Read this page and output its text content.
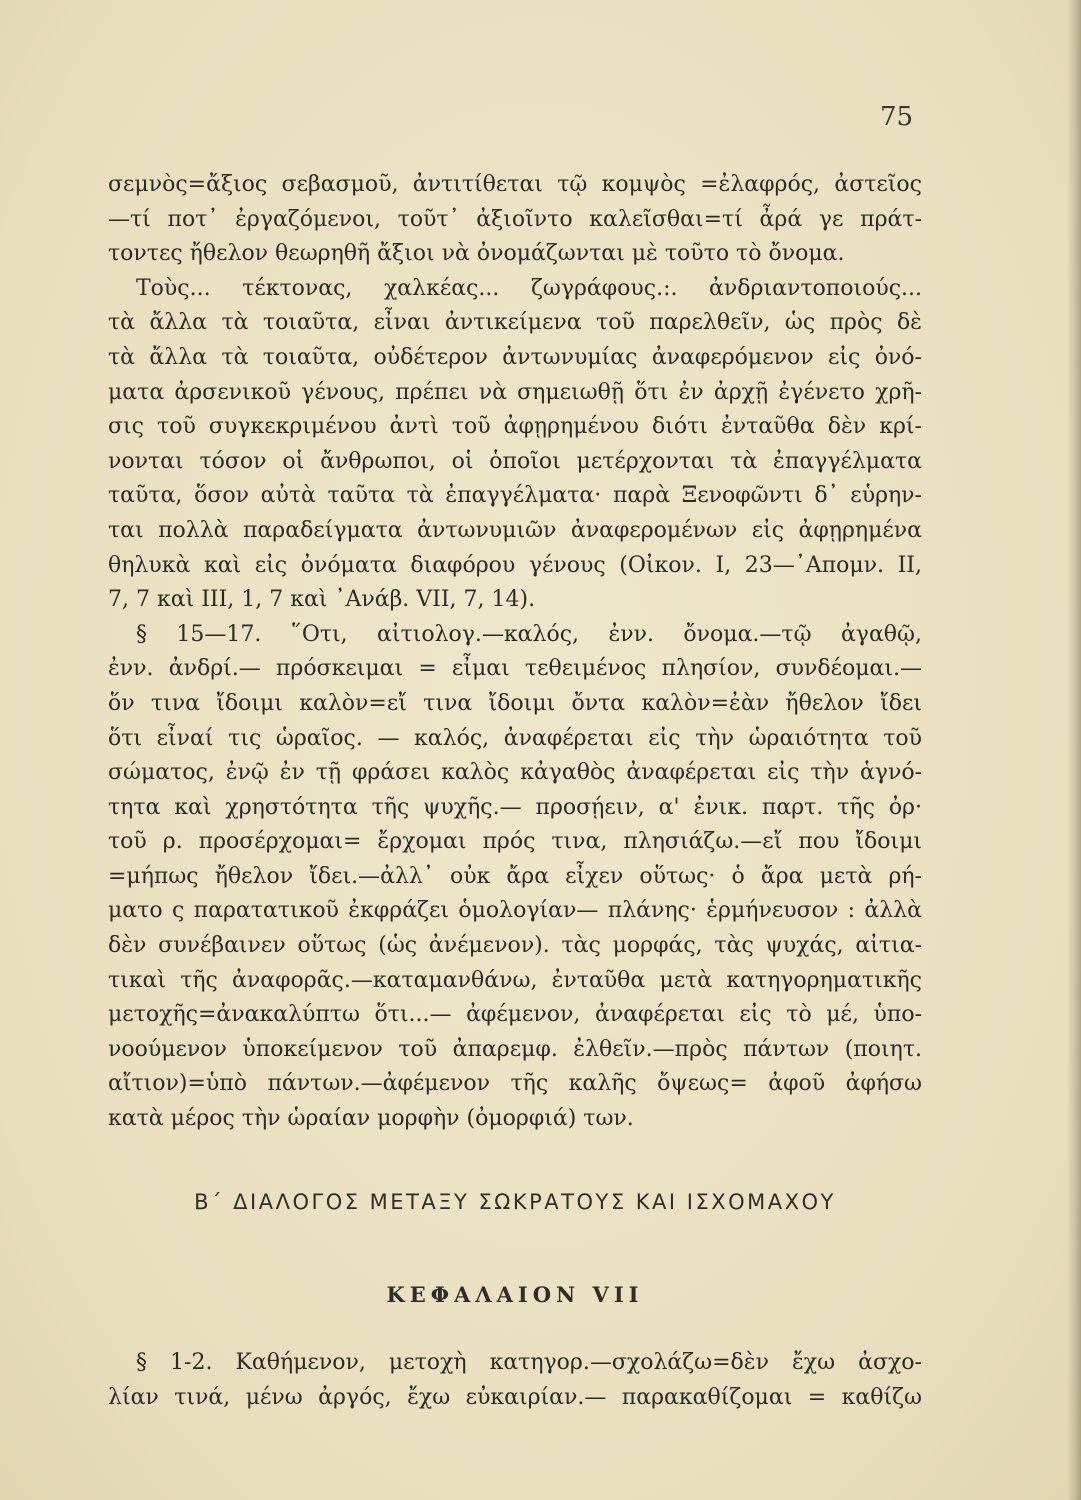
75
σεμνὸς=ἄξιος σεβασμοῦ, ἀντιτίθεται τῷ κομψὸς =ἐλαφρός, ἀστεῖος
—τί ποτ᾽ ἐργαζόμενοι, τοῦτ᾽ ἀξιοῖντο καλεῖσθαι=τί ἆρά γε πράτ-
τοντες ἤθελον θεωρηθῆ ἄξιοι νὰ ὀνομάζωνται μὲ τοῦτο τὸ ὄνομα.
Τοὺς... τέκτονας, χαλκέας... ζωγράφους.:. ἀνδριαντοποιούς...
τὰ ἄλλα τὰ τοιαῦτα, εἶναι ἀντικείμενα τοῦ παρελθεῖν, ὡς πρὸς δὲ
τὰ ἄλλα τὰ τοιαῦτα, οὐδέτερον ἀντωνυμίας ἀναφερόμενον εἰς ὀνό-
ματα ἀρσενικοῦ γένους, πρέπει νὰ σημειωθῇ ὅτι ἐν ἀρχῇ ἐγένετο χρῆ-
σις τοῦ συγκεκριμένου ἀντὶ τοῦ ἀφῃρημένου διότι ἐνταῦθα δὲν κρί-
νονται τόσον οἱ ἄνθρωποι, οἱ ὁποῖοι μετέρχονται τὰ ἐπαγγέλματα
ταῦτα, ὅσον αὐτὰ ταῦτα τὰ ἐπαγγέλματα· παρὰ Ξενοφῶντι δ᾽ εὑρην-
ται πολλὰ παραδείγματα ἀντωνυμιῶν ἀναφερομένων εἰς ἀφῃρημένα
θηλυκὰ καὶ εἰς ὀνόματα διαφόρου γένους (Οἰκον. I, 23—᾽Απομν. II,
7, 7 καὶ III, 1, 7 καὶ ᾽Ανάβ. VII, 7, 14).
§ 15—17. ῞Οτι, αἰτιολογ.—καλός, ἐνν. ὄνομα.—τῷ ἀγαθῷ,
ἐνν. ἀνδρί.— πρόσκειμαι = εἶμαι τεθειμένος πλησίον, συνδέομαι.—
ὅν τινα ἴδοιμι καλὸν=εἴ τινα ἴδοιμι ὄντα καλὸν=ἐὰν ἤθελον ἴδει
ὅτι εἶναί τις ὡραῖος. — καλός, ἀναφέρεται εἰς τὴν ὡραιότητα τοῦ
σώματος, ἐνῷ ἐν τῇ φράσει καλὸς κἀγαθὸς ἀναφέρεται εἰς τὴν ἁγνό-
τητα καὶ χρηστότητα τῆς ψυχῆς.— προσῄειν, α' ἐνικ. παρτ. τῆς ὀρ·
τοῦ ρ. προσέρχομαι= ἔρχομαι πρός τινα, πλησιάζω.—εἴ που ἴδοιμι
=μήπως ἤθελον ἴδει.—ἀλλ᾽ οὐκ ἄρα εἶχεν οὕτως· ὁ ἄρα μετὰ ρή-
ματο ς παρατατικοῦ ἐκφράζει ὁμολογίαν— πλάνης· ἑρμήνευσον : ἀλλὰ
δὲν συνέβαινεν οὕτως (ὡς ἀνέμενον). τὰς μορφάς, τὰς ψυχάς, αἰτια-
τικαὶ τῆς ἀναφορᾶς.—καταμανθάνω, ἐνταῦθα μετὰ κατηγορηματικῆς
μετοχῆς=ἀνακαλύπτω ὅτι...— ἀφέμενον, ἀναφέρεται εἰς τὸ μέ, ὑπο-
νοούμενον ὑποκείμενον τοῦ ἀπαρεμφ. ἐλθεῖν.—πρὸς πάντων (ποιητ.
αἴτιον)=ὑπὸ πάντων.—ἀφέμενον τῆς καλῆς ὄψεως= ἀφοῦ ἀφήσω
κατὰ μέρος τὴν ὡραίαν μορφὴν (ὀμορφιά) των.
Β΄ ΔΙΑΛΟΓΟΣ ΜΕΤΑΞΥ ΣΩΚΡΑΤΟΥΣ ΚΑΙ ΙΣΧΟΜΑΧΟΥ
ΚΕΦΑΛΑΙΟΝ VII
§ 1-2. Καθήμενον, μετοχὴ κατηγορ.—σχολάζω=δὲν ἔχω ἀσχο-
λίαν τινά, μένω ἀργός, ἔχω εὐκαιρίαν.— παρακαθίζομαι = καθίζω
